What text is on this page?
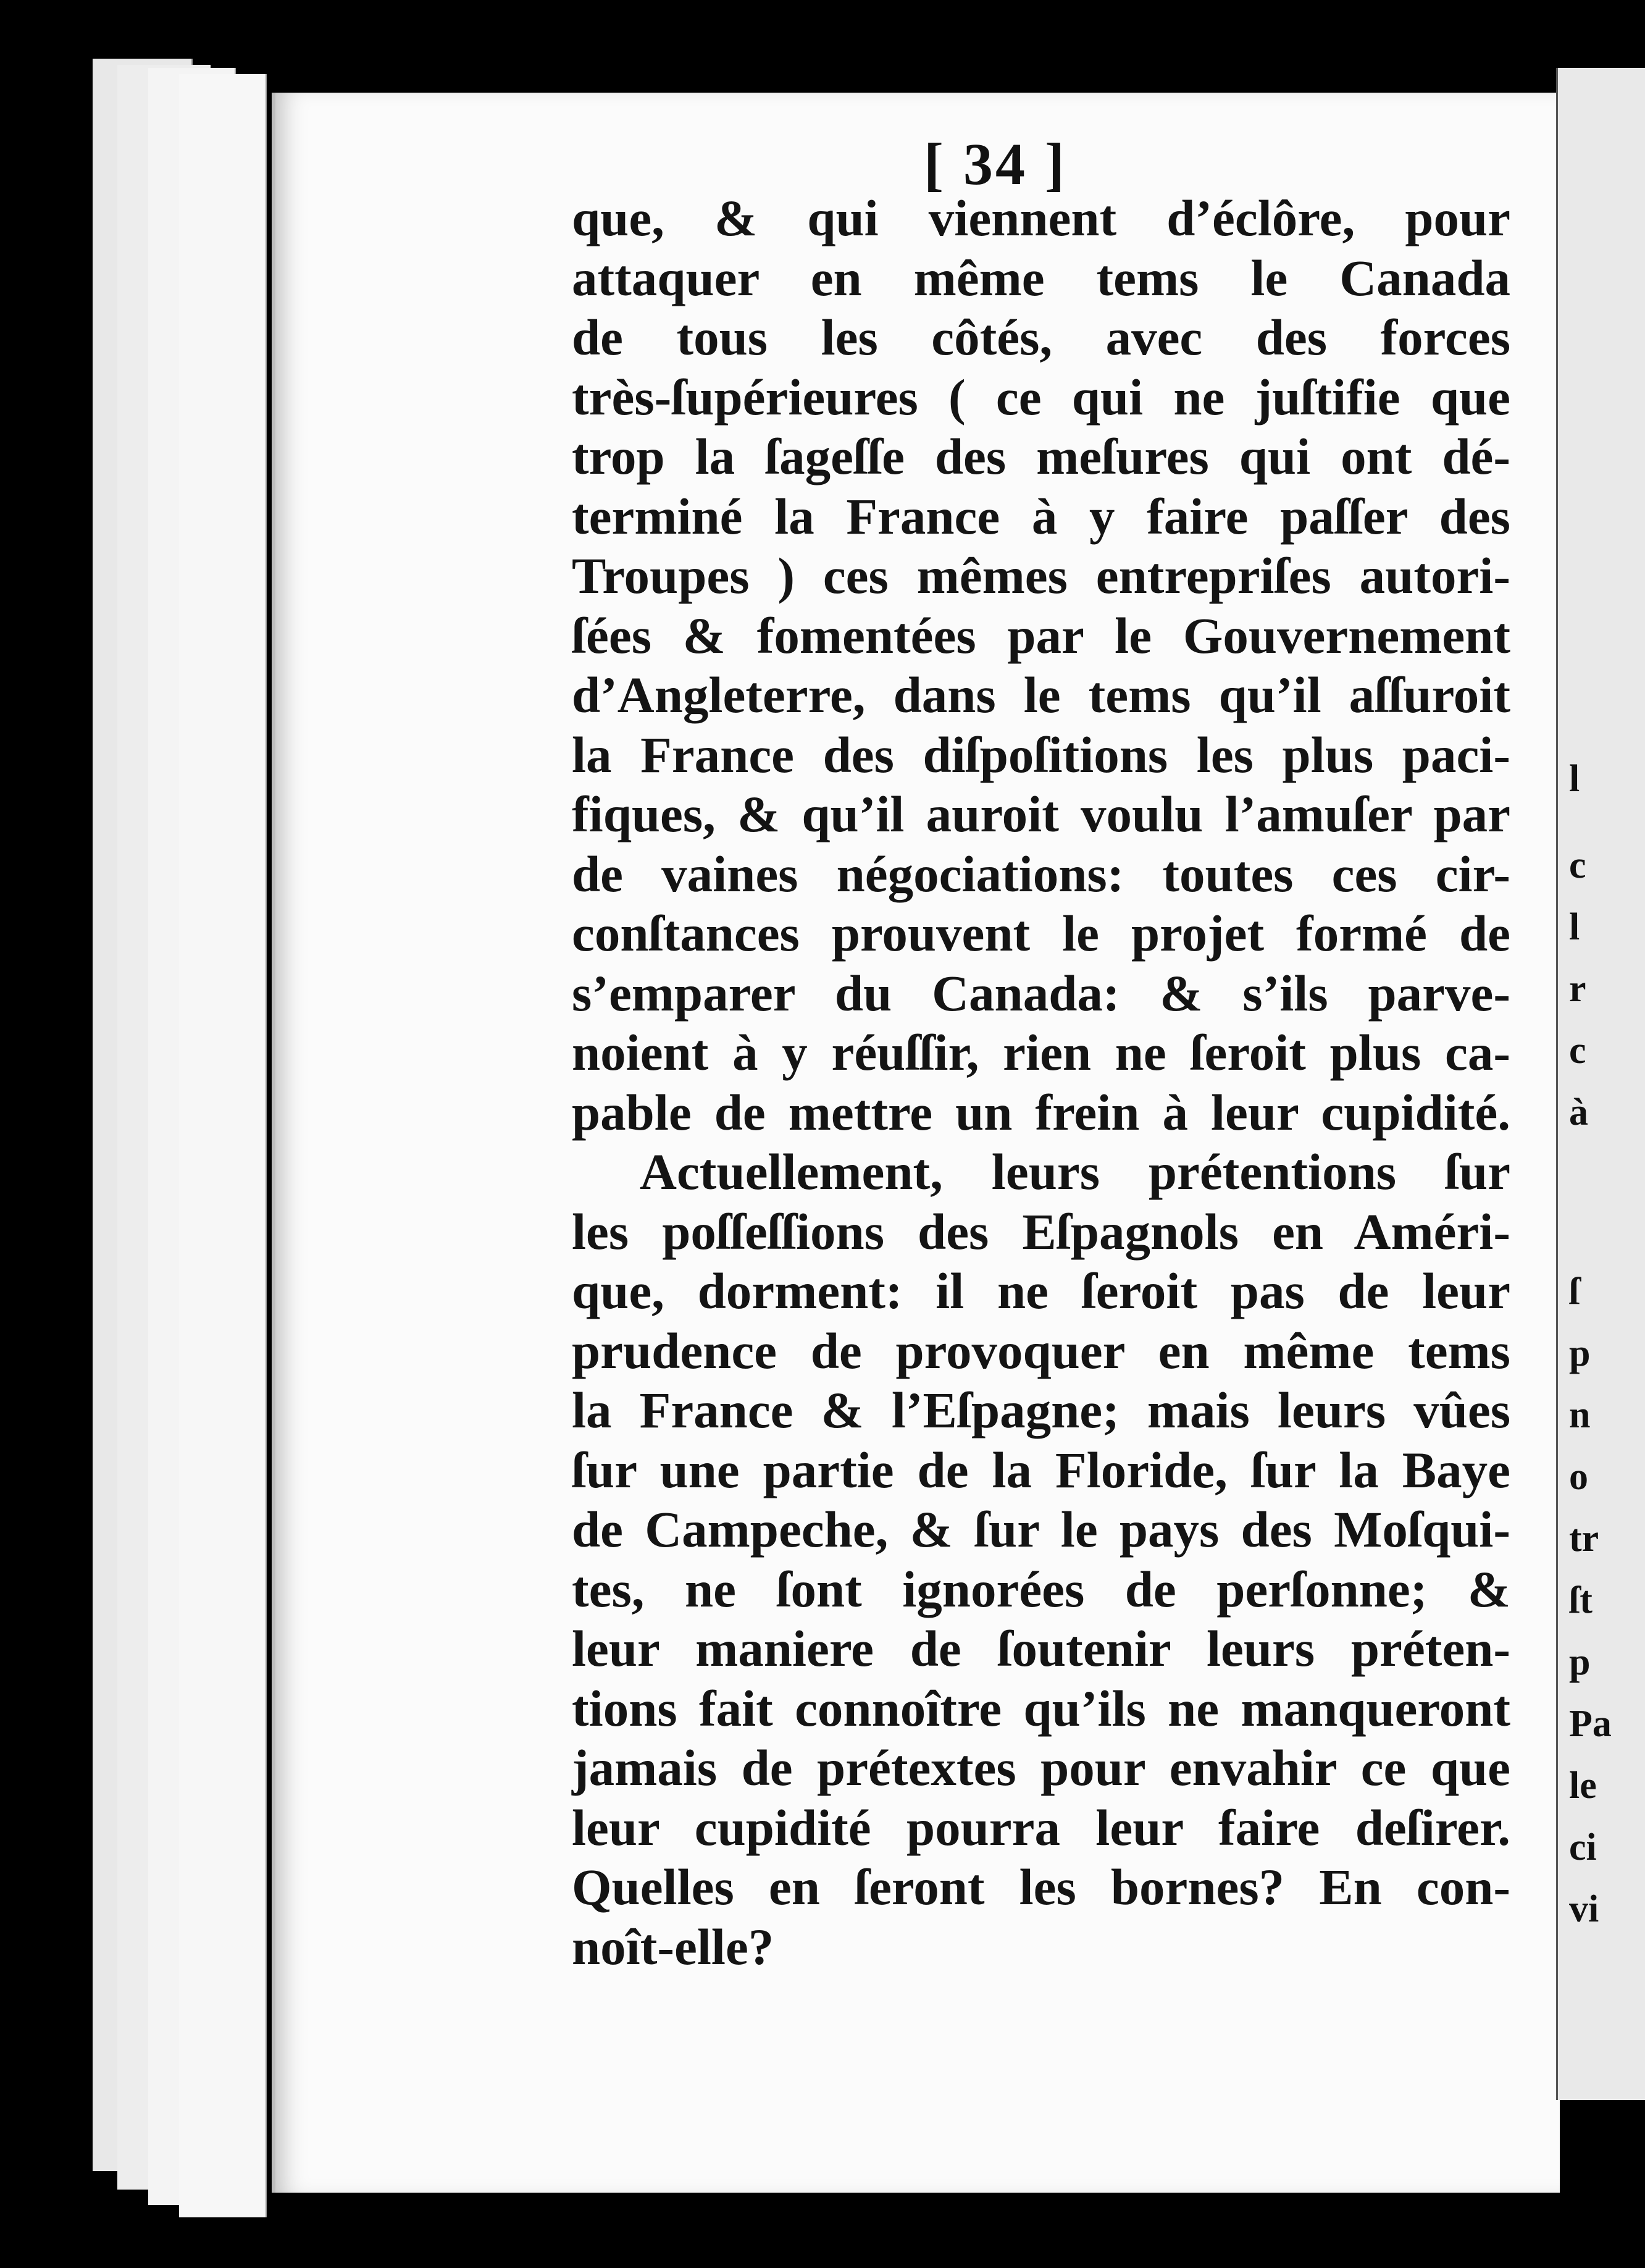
[ 34 ]
que, & qui viennent d’éclôre, pour
attaquer en même tems le Canada
de tous les côtés, avec des forces
très-ſupérieures ( ce qui ne juſtifie que
trop la ſageſſe des meſures qui ont dé-
terminé la France à y faire paſſer des
Troupes ) ces mêmes entrepriſes autori-
ſées & fomentées par le Gouvernement
d’Angleterre, dans le tems qu’il aſſuroit
la France des diſpoſitions les plus paci-
fiques, & qu’il auroit voulu l’amuſer par
de vaines négociations: toutes ces cir-
conſtances prouvent le projet formé de
s’emparer du Canada: & s’ils parve-
noient à y réuſſir, rien ne ſeroit plus ca-
pable de mettre un frein à leur cupidité.
Actuellement, leurs prétentions ſur
les poſſeſſions des Eſpagnols en Améri-
que, dorment: il ne ſeroit pas de leur
prudence de provoquer en même tems
la France & l’Eſpagne; mais leurs vûes
ſur une partie de la Floride, ſur la Baye
de Campeche, & ſur le pays des Moſqui-
tes, ne ſont ignorées de perſonne; &
leur maniere de ſoutenir leurs préten-
tions fait connoître qu’ils ne manqueront
jamais de prétextes pour envahir ce que
leur cupidité pourra leur faire deſirer.
Quelles en ſeront les bornes? En con-
noît-elle?
l
c
l
r
c
à
ſ
p
n
o
tr
ſt
p
Pa
le
ci
vi
